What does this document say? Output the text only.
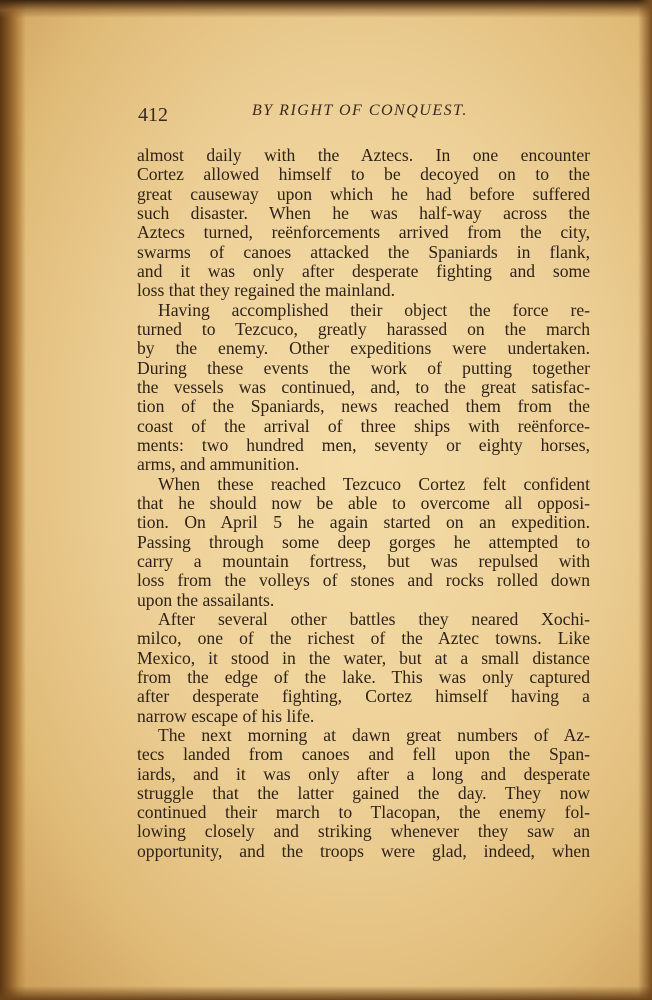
412	BY RIGHT OF CONQUEST.
almost daily with the Aztecs. In one encounter
Cortez allowed himself to be decoyed on to the
great causeway upon which he had before suffered
such disaster. When he was half-way across the
Aztecs turned, reënforcements arrived from the city,
swarms of canoes attacked the Spaniards in flank,
and it was only after desperate fighting and some
loss that they regained the mainland.
Having accomplished their object the force re-
turned to Tezcuco, greatly harassed on the march
by the enemy. Other expeditions were undertaken.
During these events the work of putting together
the vessels was continued, and, to the great satisfac-
tion of the Spaniards, news reached them from the
coast of the arrival of three ships with reënforce-
ments: two hundred men, seventy or eighty horses,
arms, and ammunition.
When these reached Tezcuco Cortez felt confident
that he should now be able to overcome all opposi-
tion. On April 5 he again started on an expedition.
Passing through some deep gorges he attempted to
carry a mountain fortress, but was repulsed with
loss from the volleys of stones and rocks rolled down
upon the assailants.
After several other battles they neared Xochi-
milco, one of the richest of the Aztec towns. Like
Mexico, it stood in the water, but at a small distance
from the edge of the lake. This was only captured
after desperate fighting, Cortez himself having a
narrow escape of his life.
The next morning at dawn great numbers of Az-
tecs landed from canoes and fell upon the Span-
iards, and it was only after a long and desperate
struggle that the latter gained the day. They now
continued their march to Tlacopan, the enemy fol-
lowing closely and striking whenever they saw an
opportunity, and the troops were glad, indeed, when
